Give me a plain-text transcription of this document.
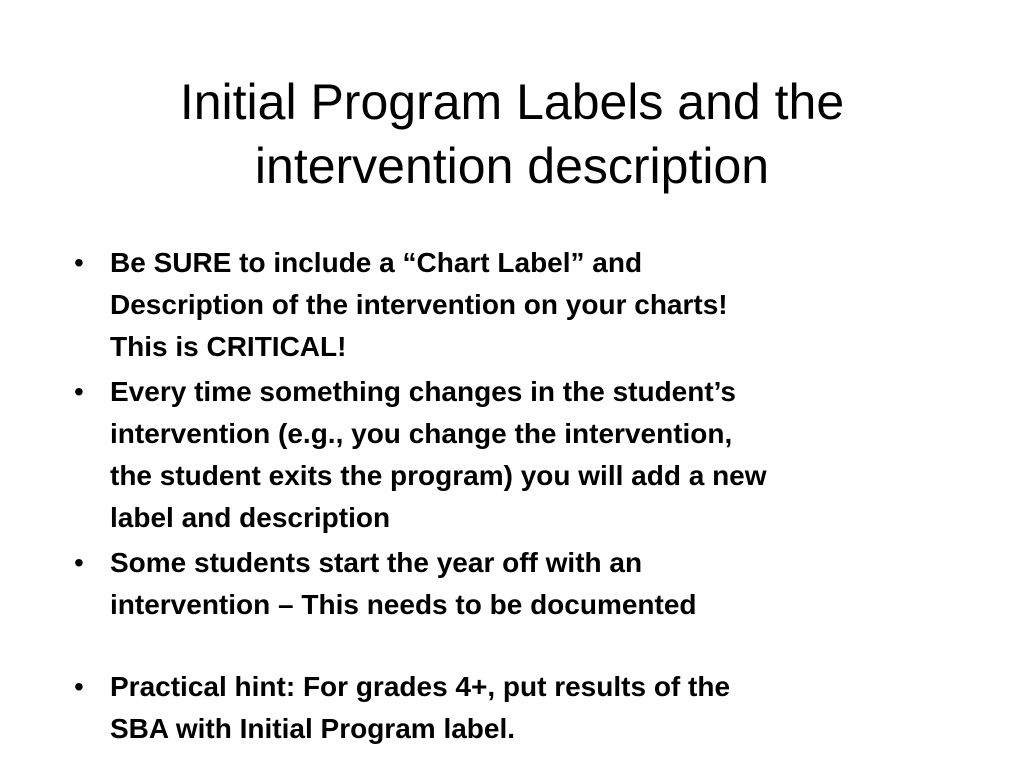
Initial Program Labels and the
intervention description
• Be SURE to include a “Chart Label” and
Description of the intervention on your charts!
This is CRITICAL!
• Every time something changes in the student’s
intervention (e.g., you change the intervention,
the student exits the program) you will add a new
label and description
• Some students start the year off with an
intervention – This needs to be documented
• Practical hint: For grades 4+, put results of the
SBA with Initial Program label.
